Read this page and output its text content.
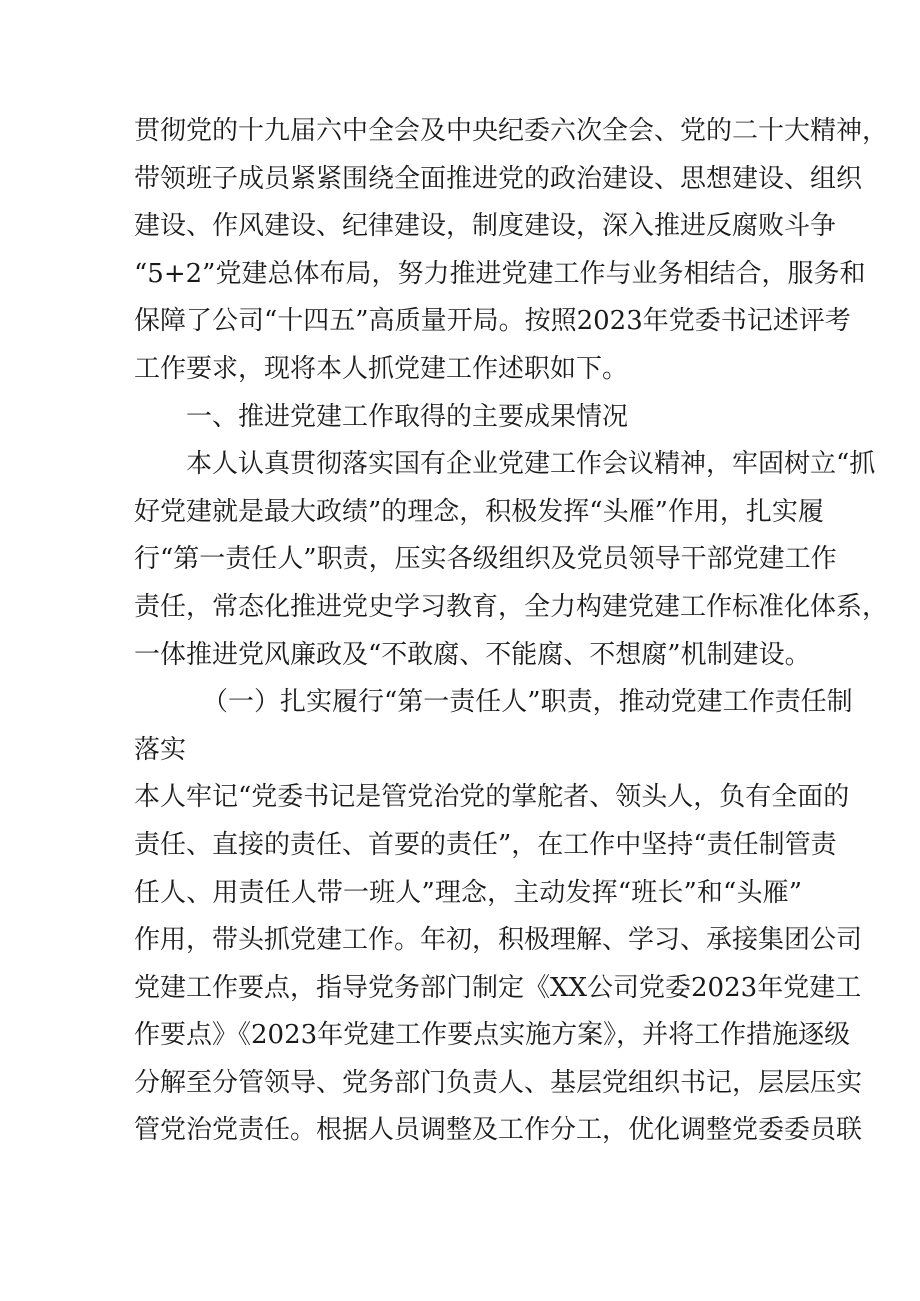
贯彻党的十九届六中全会及中央纪委六次全会、党的二十大精神，
带领班子成员紧紧围绕全面推进党的政治建设、思想建设、组织
建设、作风建设、纪律建设，制度建设，深入推进反腐败斗争
“5+2”党建总体布局，努力推进党建工作与业务相结合，服务和
保障了公司“十四五”高质量开局。按照2023年党委书记述评考
工作要求，现将本人抓党建工作述职如下。
一、推进党建工作取得的主要成果情况
本人认真贯彻落实国有企业党建工作会议精神，牢固树立“抓
好党建就是最大政绩”的理念，积极发挥“头雁”作用，扎实履
行“第一责任人”职责，压实各级组织及党员领导干部党建工作
责任，常态化推进党史学习教育，全力构建党建工作标准化体系，
一体推进党风廉政及“不敢腐、不能腐、不想腐”机制建设。
（一）扎实履行“第一责任人”职责，推动党建工作责任制
落实
本人牢记“党委书记是管党治党的掌舵者、领头人，负有全面的
责任、直接的责任、首要的责任”，在工作中坚持“责任制管责
任人、用责任人带一班人”理念，主动发挥“班长”和“头雁”
作用，带头抓党建工作。年初，积极理解、学习、承接集团公司
党建工作要点，指导党务部门制定《XX公司党委2023年党建工
作要点》《2023年党建工作要点实施方案》，并将工作措施逐级
分解至分管领导、党务部门负责人、基层党组织书记，层层压实
管党治党责任。根据人员调整及工作分工，优化调整党委委员联
